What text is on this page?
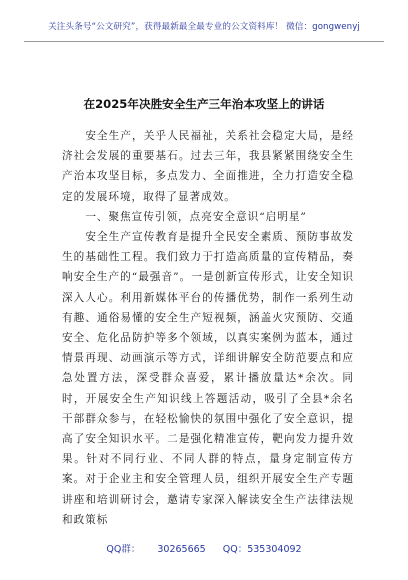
关注头条号“公文研究”，获得最新最全最专业的公文资料库！ 微信：gongwenyj
在2025年决胜安全生产三年治本攻坚上的讲话

安全生产，关乎人民福祉，关系社会稳定大局，是经济社会发展的重要基石。过去三年，我县紧紧围绕安全生产治本攻坚目标，多点发力、全面推进，全力打造安全稳定的发展环境，取得了显著成效。

一、聚焦宣传引领，点亮安全意识“启明星”

安全生产宣传教育是提升全民安全素质、预防事故发生的基础性工程。我们致力于打造高质量的宣传精品，奏响安全生产的“最强音”。一是创新宣传形式，让安全知识深入人心。利用新媒体平台的传播优势，制作一系列生动有趣、通俗易懂的安全生产短视频，涵盖火灾预防、交通安全、危化品防护等多个领域，以真实案例为蓝本，通过情景再现、动画演示等方式，详细讲解安全防范要点和应急处置方法，深受群众喜爱，累计播放量达*余次。同时，开展安全生产知识线上答题活动，吸引了全县*余名干部群众参与，在轻松愉快的氛围中强化了安全意识，提高了安全知识水平。二是强化精准宣传，靶向发力提升效果。针对不同行业、不同人群的特点，量身定制宣传方案。对于企业主和安全管理人员，组织开展安全生产专题讲座和培训研讨会，邀请专家深入解读安全生产法律法规和政策标

QQ群： 30265665 QQ：535304092
